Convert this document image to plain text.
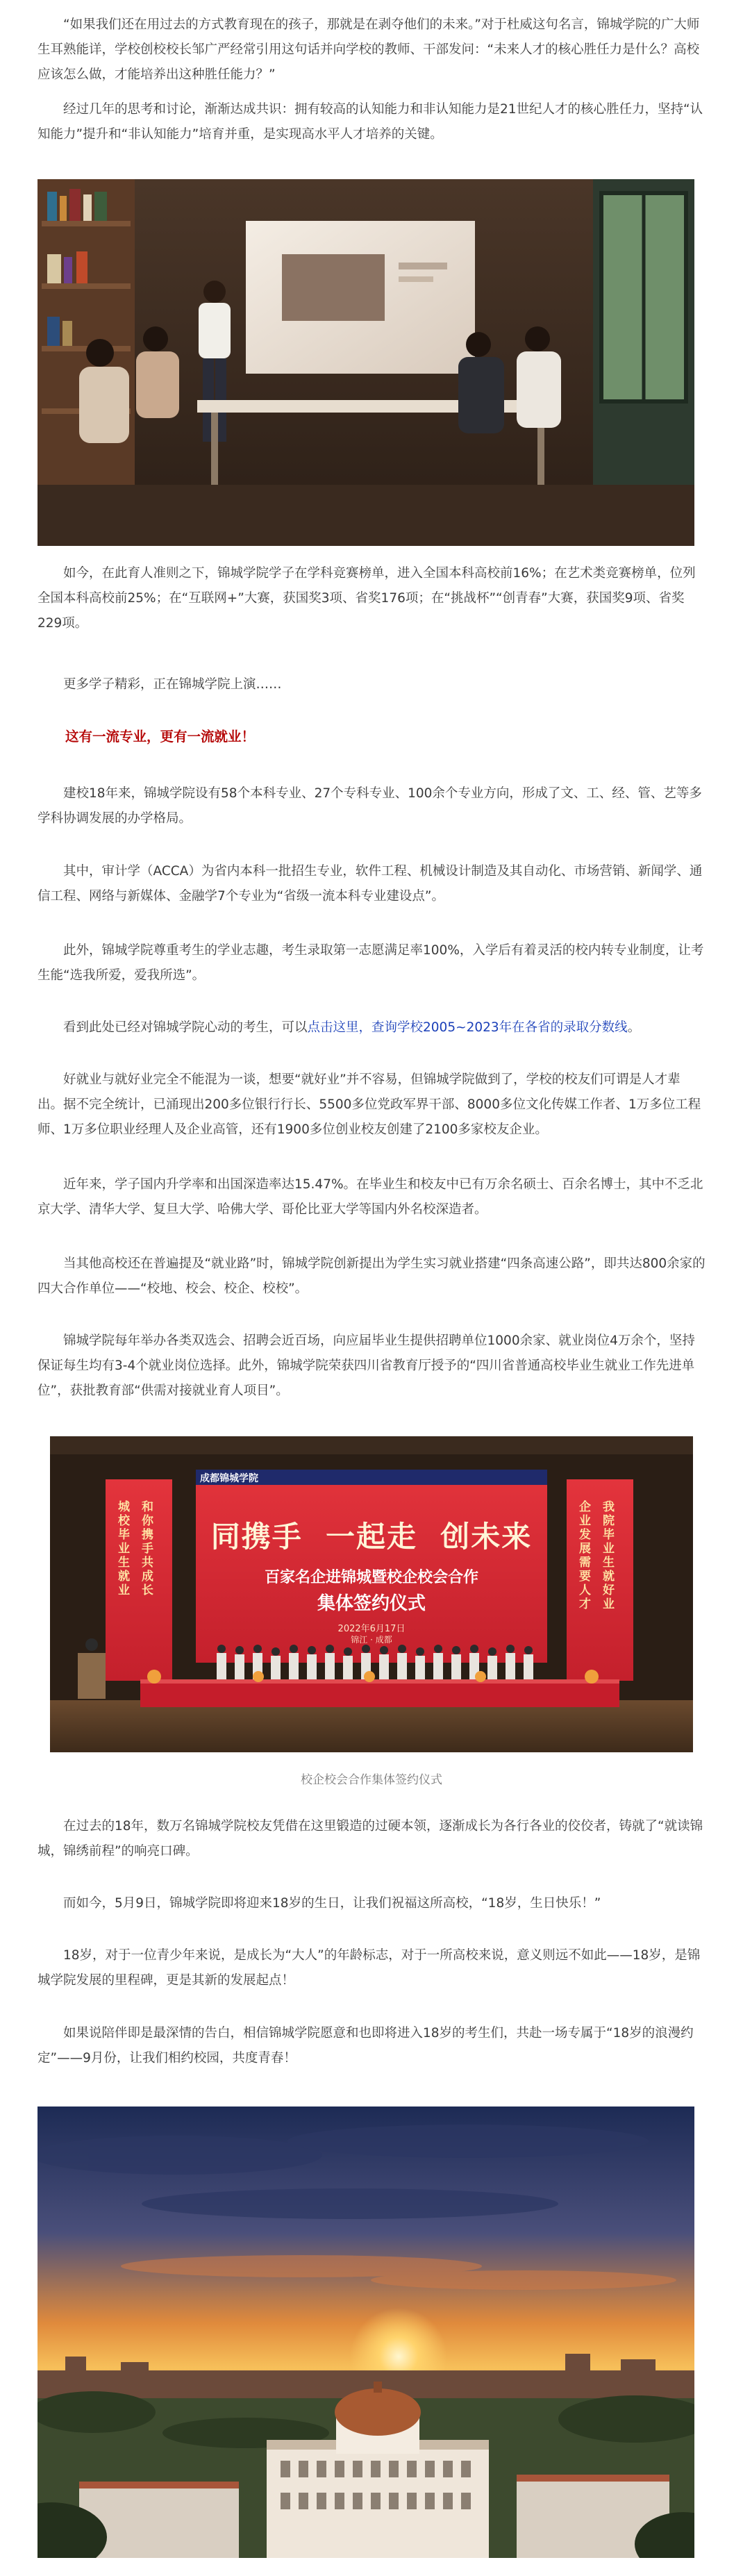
“如果我们还在用过去的方式教育现在的孩子，那就是在剥夺他们的未来。”对于杜威这句名言，锦城学院的广大师生耳熟能详，学校创校校长邹广严经常引用这句话并向学校的教师、干部发问：“未来人才的核心胜任力是什么？高校应该怎么做，才能培养出这种胜任能力？”

经过几年的思考和讨论，渐渐达成共识：拥有较高的认知能力和非认知能力是21世纪人才的核心胜任力，坚持“认知能力”提升和“非认知能力”培育并重，是实现高水平人才培养的关键。

如今，在此育人准则之下，锦城学院学子在学科竞赛榜单，进入全国本科高校前16%；在艺术类竞赛榜单，位列全国本科高校前25%；在“互联网+”大赛，获国奖3项、省奖176项；在“挑战杯”“创青春”大赛，获国奖9项、省奖229项。

更多学子精彩，正在锦城学院上演……

这有一流专业，更有一流就业！

建校18年来，锦城学院设有58个本科专业、27个专科专业、100余个专业方向，形成了文、工、经、管、艺等多学科协调发展的办学格局。

其中，审计学（ACCA）为省内本科一批招生专业，软件工程、机械设计制造及其自动化、市场营销、新闻学、通信工程、网络与新媒体、金融学7个专业为“省级一流本科专业建设点”。

此外，锦城学院尊重考生的学业志趣，考生录取第一志愿满足率100%，入学后有着灵活的校内转专业制度，让考生能“选我所爱，爱我所选”。

看到此处已经对锦城学院心动的考生，可以点击这里，查询学校2005~2023年在各省的录取分数线。

好就业与就好业完全不能混为一谈，想要“就好业”并不容易，但锦城学院做到了，学校的校友们可谓是人才辈出。据不完全统计，已涌现出200多位银行行长、5500多位党政军界干部、8000多位文化传媒工作者、1万多位工程师、1万多位职业经理人及企业高管，还有1900多位创业校友创建了2100多家校友企业。

近年来，学子国内升学率和出国深造率达15.47%。在毕业生和校友中已有万余名硕士、百余名博士，其中不乏北京大学、清华大学、复旦大学、哈佛大学、哥伦比亚大学等国内外名校深造者。

当其他高校还在普遍提及“就业路”时，锦城学院创新提出为学生实习就业搭建“四条高速公路”，即共达800余家的四大合作单位——“校地、校会、校企、校校”。

锦城学院每年举办各类双选会、招聘会近百场，向应届毕业生提供招聘单位1000余家、就业岗位4万余个，坚持保证每生均有3-4个就业岗位选择。此外，锦城学院荣获四川省教育厅授予的“四川省普通高校毕业生就业工作先进单位”，获批教育部“供需对接就业育人项目”。

成都锦城学院
同携手  一起走  创未来
百家名企进锦城暨校企校会合作
集体签约仪式
2022年6月17日
锦江 · 成都
城校毕业生就业
和你携手共成长
企业发展需要人才
我院毕业生就好业
校企校会合作集体签约仪式

在过去的18年，数万名锦城学院校友凭借在这里锻造的过硬本领，逐渐成长为各行各业的佼佼者，铸就了“就读锦城，锦绣前程”的响亮口碑。

而如今，5月9日，锦城学院即将迎来18岁的生日，让我们祝福这所高校，“18岁，生日快乐！”

18岁，对于一位青少年来说，是成长为“大人”的年龄标志，对于一所高校来说，意义则远不如此——18岁，是锦城学院发展的里程碑，更是其新的发展起点！

如果说陪伴即是最深情的告白，相信锦城学院愿意和也即将进入18岁的考生们，共赴一场专属于“18岁的浪漫约定”——9月份，让我们相约校园，共度青春！
